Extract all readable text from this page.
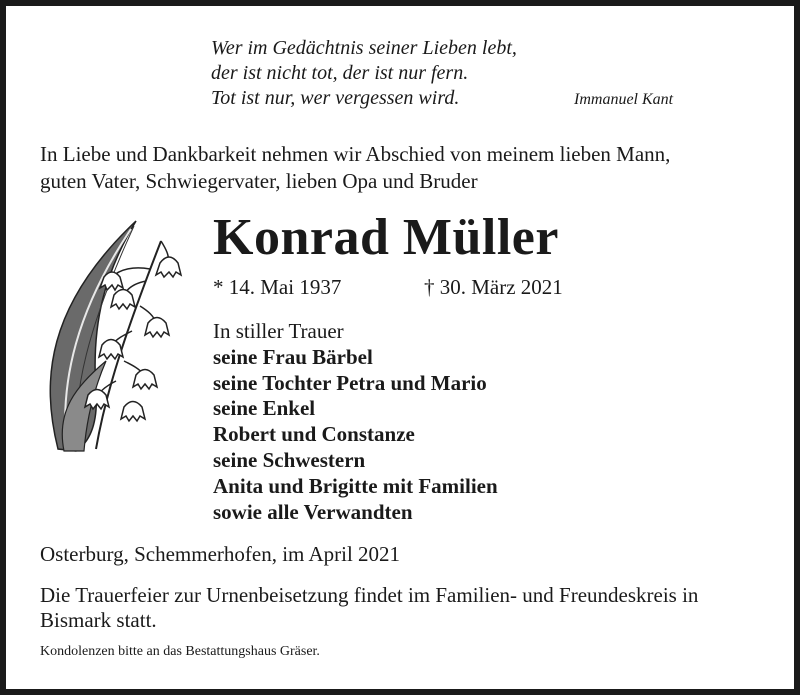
Wer im Gedächtnis seiner Lieben lebt,
der ist nicht tot, der ist nur fern.
Tot ist nur, wer vergessen wird.	Immanuel Kant
In Liebe und Dankbarkeit nehmen wir Abschied von meinem lieben Mann,
guten Vater, Schwiegervater, lieben Opa und Bruder
Konrad Müller
* 14. Mai 1937	† 30. März 2021
In stiller Trauer
seine Frau Bärbel
seine Tochter Petra und Mario
seine Enkel
Robert und Constanze
seine Schwestern
Anita und Brigitte mit Familien
sowie alle Verwandten
Osterburg, Schemmerhofen, im April 2021
Die Trauerfeier zur Urnenbeisetzung findet im Familien- und Freundeskreis in
Bismark statt.
Kondolenzen bitte an das Bestattungshaus Gräser.
